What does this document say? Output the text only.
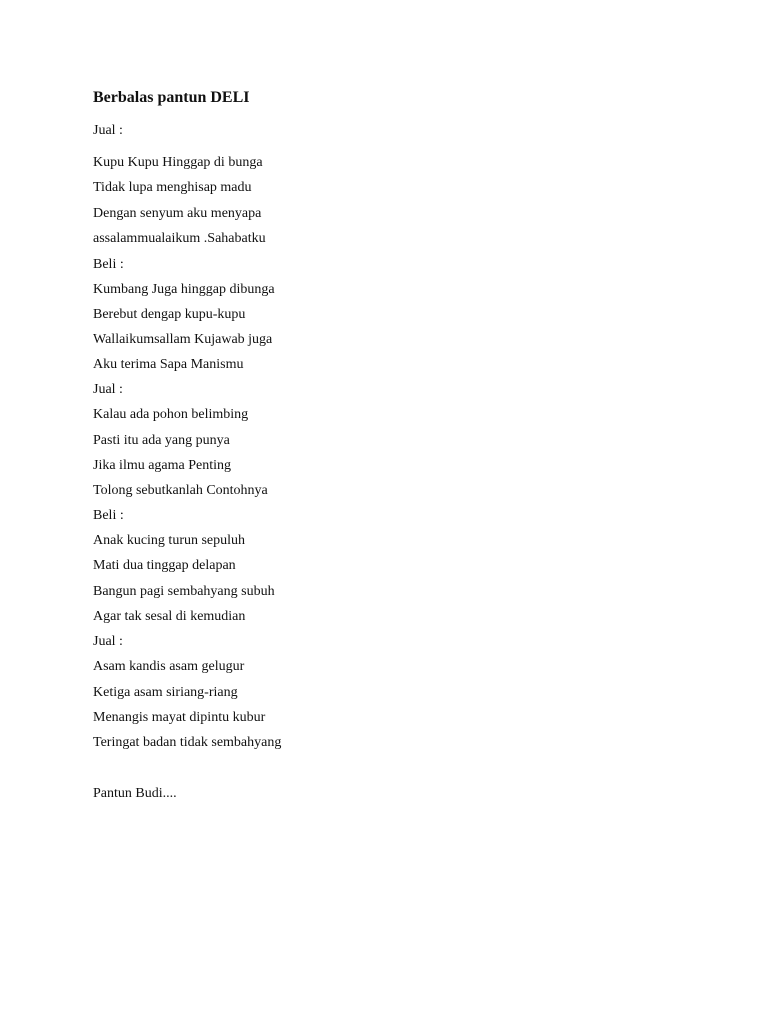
Berbalas pantun DELI
Jual :
Kupu Kupu Hinggap di bunga
Tidak lupa menghisap madu
Dengan senyum aku menyapa
assalammualaikum .Sahabatku
Beli :
Kumbang Juga hinggap dibunga
Berebut dengap kupu-kupu
Wallaikumsallam Kujawab juga
Aku terima Sapa Manismu
Jual :
Kalau ada pohon belimbing
Pasti itu ada yang punya
Jika ilmu agama Penting
Tolong sebutkanlah Contohnya
Beli :
Anak kucing turun sepuluh
Mati dua tinggap delapan
Bangun pagi sembahyang subuh
Agar tak sesal di kemudian
Jual :
Asam kandis asam gelugur
Ketiga asam siriang-riang
Menangis mayat dipintu kubur
Teringat badan tidak sembahyang
Pantun Budi....
